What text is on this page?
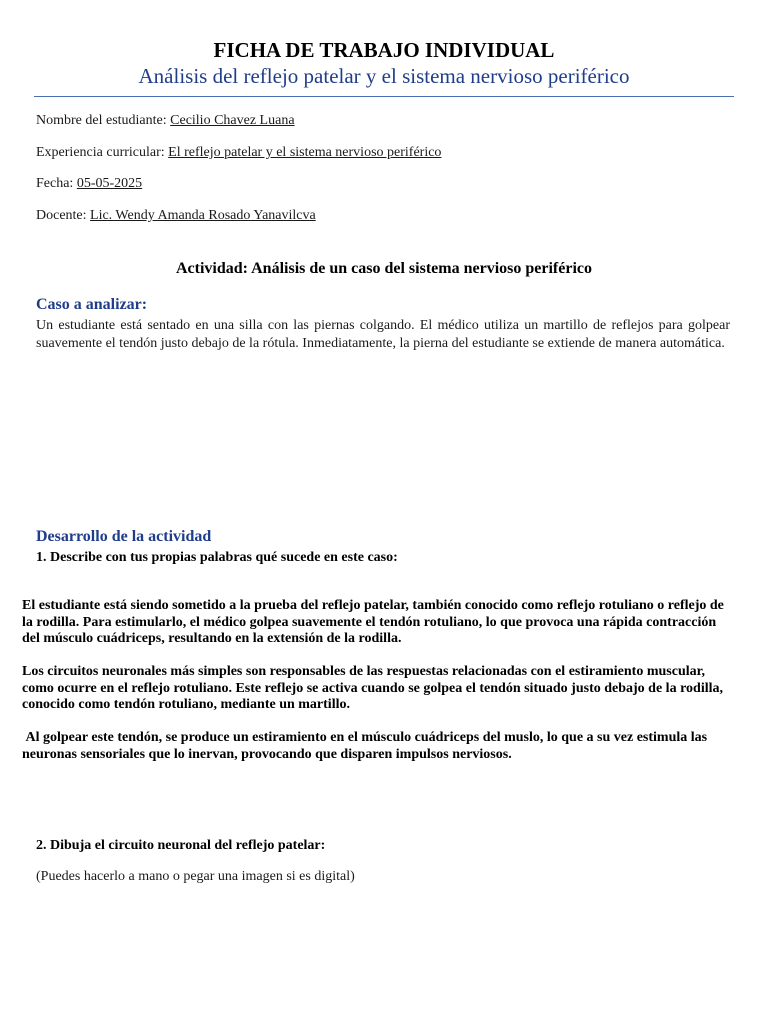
FICHA DE TRABAJO INDIVIDUAL
Análisis del reflejo patelar y el sistema nervioso periférico
Nombre del estudiante: Cecilio Chavez Luana
Experiencia curricular: El reflejo patelar y el sistema nervioso periférico
Fecha: 05-05-2025
Docente: Lic. Wendy Amanda Rosado Yanavilcva
Actividad: Análisis de un caso del sistema nervioso periférico
Caso a analizar:
Un estudiante está sentado en una silla con las piernas colgando. El médico utiliza un martillo de reflejos para golpear suavemente el tendón justo debajo de la rótula. Inmediatamente, la pierna del estudiante se extiende de manera automática.
Desarrollo de la actividad
1. Describe con tus propias palabras qué sucede en este caso:
El estudiante está siendo sometido a la prueba del reflejo patelar, también conocido como reflejo rotuliano o reflejo de la rodilla. Para estimularlo, el médico golpea suavemente el tendón rotuliano, lo que provoca una rápida contracción del músculo cuádriceps, resultando en la extensión de la rodilla.
Los circuitos neuronales más simples son responsables de las respuestas relacionadas con el estiramiento muscular, como ocurre en el reflejo rotuliano. Este reflejo se activa cuando se golpea el tendón situado justo debajo de la rodilla, conocido como tendón rotuliano, mediante un martillo.
Al golpear este tendón, se produce un estiramiento en el músculo cuádriceps del muslo, lo que a su vez estimula las neuronas sensoriales que lo inervan, provocando que disparen impulsos nerviosos.
2. Dibuja el circuito neuronal del reflejo patelar:
(Puedes hacerlo a mano o pegar una imagen si es digital)
